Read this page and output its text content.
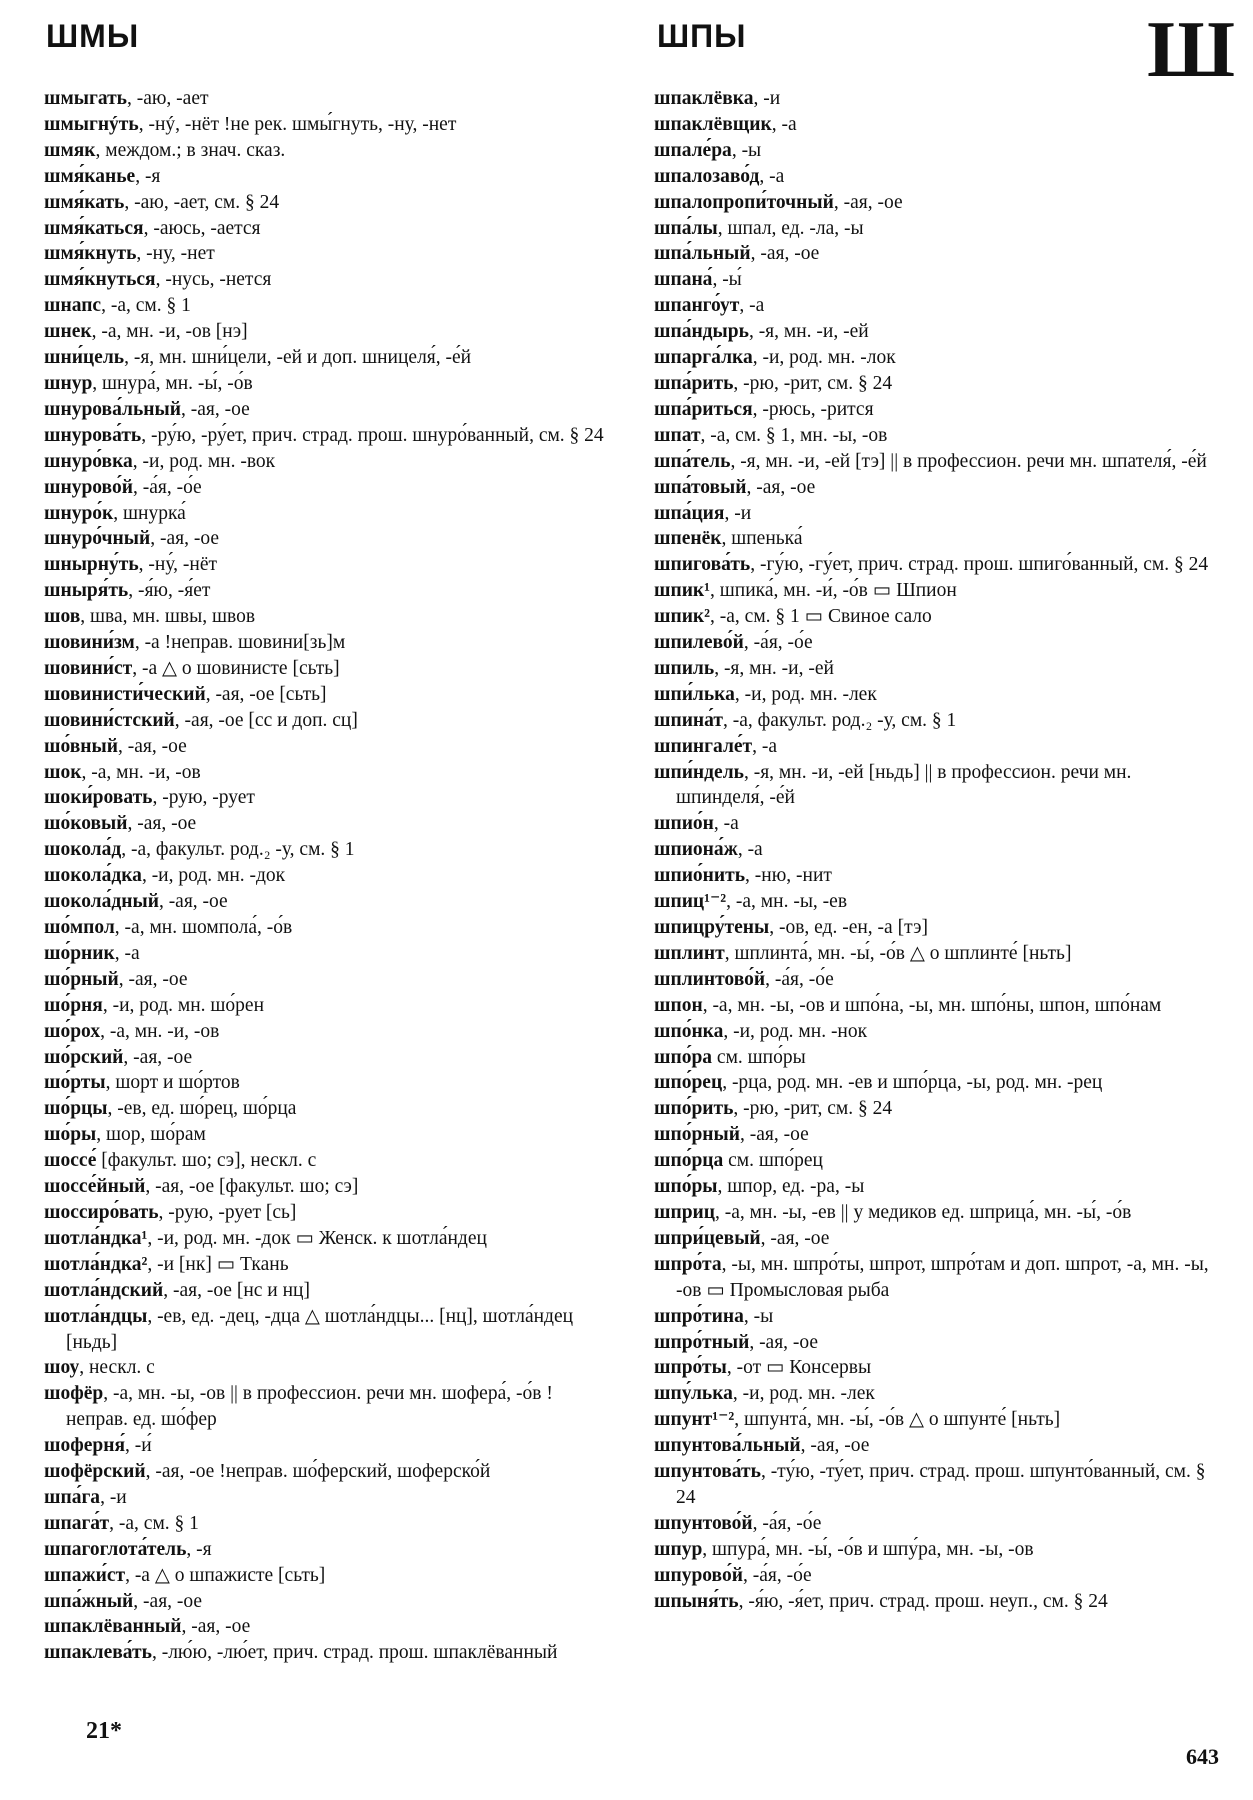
ШМЫ	ШПЫ	Ш

шмыгать, -аю, -ает

шмыгнýть, -нý, -нёт !не рек. шмы́гнуть, -ну, -нет

шмяк, междом.; в знач. сказ.

шмя́канье, -я

шмя́кать, -аю, -ает, см. § 24

шмя́каться, -аюсь, -ается

шмя́кнуть, -ну, -нет

шмя́кнуться, -нусь, -нется

шнапс, -а, см. § 1

шнек, -а, мн. -и, -ов [нэ]

шни́цель, -я, мн. шни́цели, -ей и доп. шницеля́, -е́й

шнур, шнура́, мн. -ы́, -о́в

шнурова́льный, -ая, -ое

шнурова́ть, -ру́ю, -ру́ет, прич. страд. прош. шнуро́ванный, см. § 24

шнуро́вка, -и, род. мн. -вок

шнурово́й, -а́я, -о́е

шнуро́к, шнурка́

шнуро́чный, -ая, -ое

шнырну́ть, -ну́, -нёт

шныря́ть, -я́ю, -я́ет

шов, шва, мн. швы, швов

шовини́зм, -а !неправ. шовини[зь]м

шовини́ст, -а △ о шовинисте [сьть]

шовинисти́ческий, -ая, -ое [сьть]

шовини́стский, -ая, -ое [сс и доп. сц]

шо́вный, -ая, -ое

шок, -а, мн. -и, -ов

шоки́ровать, -рую, -рует

шо́ковый, -ая, -ое

шокола́д, -а, факульт. род.₂ -у, см. § 1

шокола́дка, -и, род. мн. -док

шокола́дный, -ая, -ое

шо́мпол, -а, мн. шомпола́, -о́в

шо́рник, -а

шо́рный, -ая, -ое

шо́рня, -и, род. мн. шо́рен

шо́рох, -а, мн. -и, -ов

шо́рский, -ая, -ое

шо́рты, шорт и шо́ртов

шо́рцы, -ев, ед. шо́рец, шо́рца

шо́ры, шор, шо́рам

шоссе́ [факульт. шо; сэ], нескл. с

шоссе́йный, -ая, -ое [факульт. шо; сэ]

шоссиро́вать, -рую, -рует [сь]

шотла́ндка¹, -и, род. мн. -док ▭ Женск. к шотла́ндец

шотла́ндка², -и [нк] ▭ Ткань

шотла́ндский, -ая, -ое [нс и нц]

шотла́ндцы, -ев, ед. -дец, -дца △ шотла́ндцы... [нц], шотла́ндец [ньдь]

шоу, нескл. с

шофёр, -а, мн. -ы, -ов || в профессион. речи мн. шофера́, -о́в !неправ. ед. шо́фер

шоферня́, -и́

шофёрский, -ая, -ое !неправ. шо́ферский, шоферско́й

шпа́га, -и

шпага́т, -а, см. § 1

шпагоглота́тель, -я

шпажи́ст, -а △ о шпажисте [сьть]

шпа́жный, -ая, -ое

шпаклёванный, -ая, -ое

шпаклева́ть, -лю́ю, -лю́ет, прич. страд. прош. шпаклёванный

шпаклёвка, -и

шпаклёвщик, -а

шпале́ра, -ы

шпалозаво́д, -а

шпалопропи́точный, -ая, -ое

шпа́лы, шпал, ед. -ла, -ы

шпа́льный, -ая, -ое

шпана́, -ы́

шпанго́ут, -а

шпа́ндырь, -я, мн. -и, -ей

шпарга́лка, -и, род. мн. -лок

шпа́рить, -рю, -рит, см. § 24

шпа́риться, -рюсь, -рится

шпат, -а, см. § 1, мн. -ы, -ов

шпа́тель, -я, мн. -и, -ей [тэ] || в профессион. речи мн. шпателя́, -е́й

шпа́товый, -ая, -ое

шпа́ция, -и

шпенёк, шпенька́

шпигова́ть, -гу́ю, -гу́ет, прич. страд. прош. шпиго́ванный, см. § 24

шпик¹, шпика́, мн. -и́, -о́в ▭ Шпион

шпик², -а, см. § 1 ▭ Свиное сало

шпилево́й, -а́я, -о́е

шпиль, -я, мн. -и, -ей

шпи́лька, -и, род. мн. -лек

шпина́т, -а, факульт. род.₂ -у, см. § 1

шпингале́т, -а

шпи́ндель, -я, мн. -и, -ей [ньдь] || в профессион. речи мн. шпинделя́, -е́й

шпио́н, -а

шпиона́ж, -а

шпио́нить, -ню, -нит

шпиц¹⁻², -а, мн. -ы, -ев

шпицру́тены, -ов, ед. -ен, -а [тэ]

шплинт, шплинта́, мн. -ы́, -о́в △ о шплинте́ [ньть]

шплинтово́й, -а́я, -о́е

шпон, -а, мн. -ы, -ов и шпо́на, -ы, мн. шпо́ны, шпон, шпо́нам

шпо́нка, -и, род. мн. -нок

шпо́ра см. шпо́ры

шпо́рец, -рца, род. мн. -ев и шпо́рца, -ы, род. мн. -рец

шпо́рить, -рю, -рит, см. § 24

шпо́рный, -ая, -ое

шпо́рца см. шпо́рец

шпо́ры, шпор, ед. -ра, -ы

шприц, -а, мн. -ы, -ев || у медиков ед. шприца́, мн. -ы́, -о́в

шпри́цевый, -ая, -ое

шпро́та, -ы, мн. шпро́ты, шпрот, шпро́там и доп. шпрот, -а, мн. -ы, -ов ▭ Промысловая рыба

шпро́тина, -ы

шпро́тный, -ая, -ое

шпро́ты, -от ▭ Консервы

шпу́лька, -и, род. мн. -лек

шпунт¹⁻², шпунта́, мн. -ы́, -о́в △ о шпунте́ [ньть]

шпунтова́льный, -ая, -ое

шпунтова́ть, -ту́ю, -ту́ет, прич. страд. прош. шпунто́ванный, см. § 24

шпунтово́й, -а́я, -о́е

шпур, шпура́, мн. -ы́, -о́в и шпу́ра, мн. -ы, -ов

шпурово́й, -а́я, -о́е

шпыня́ть, -я́ю, -я́ет, прич. страд. прош. неуп., см. § 24

21*
643
